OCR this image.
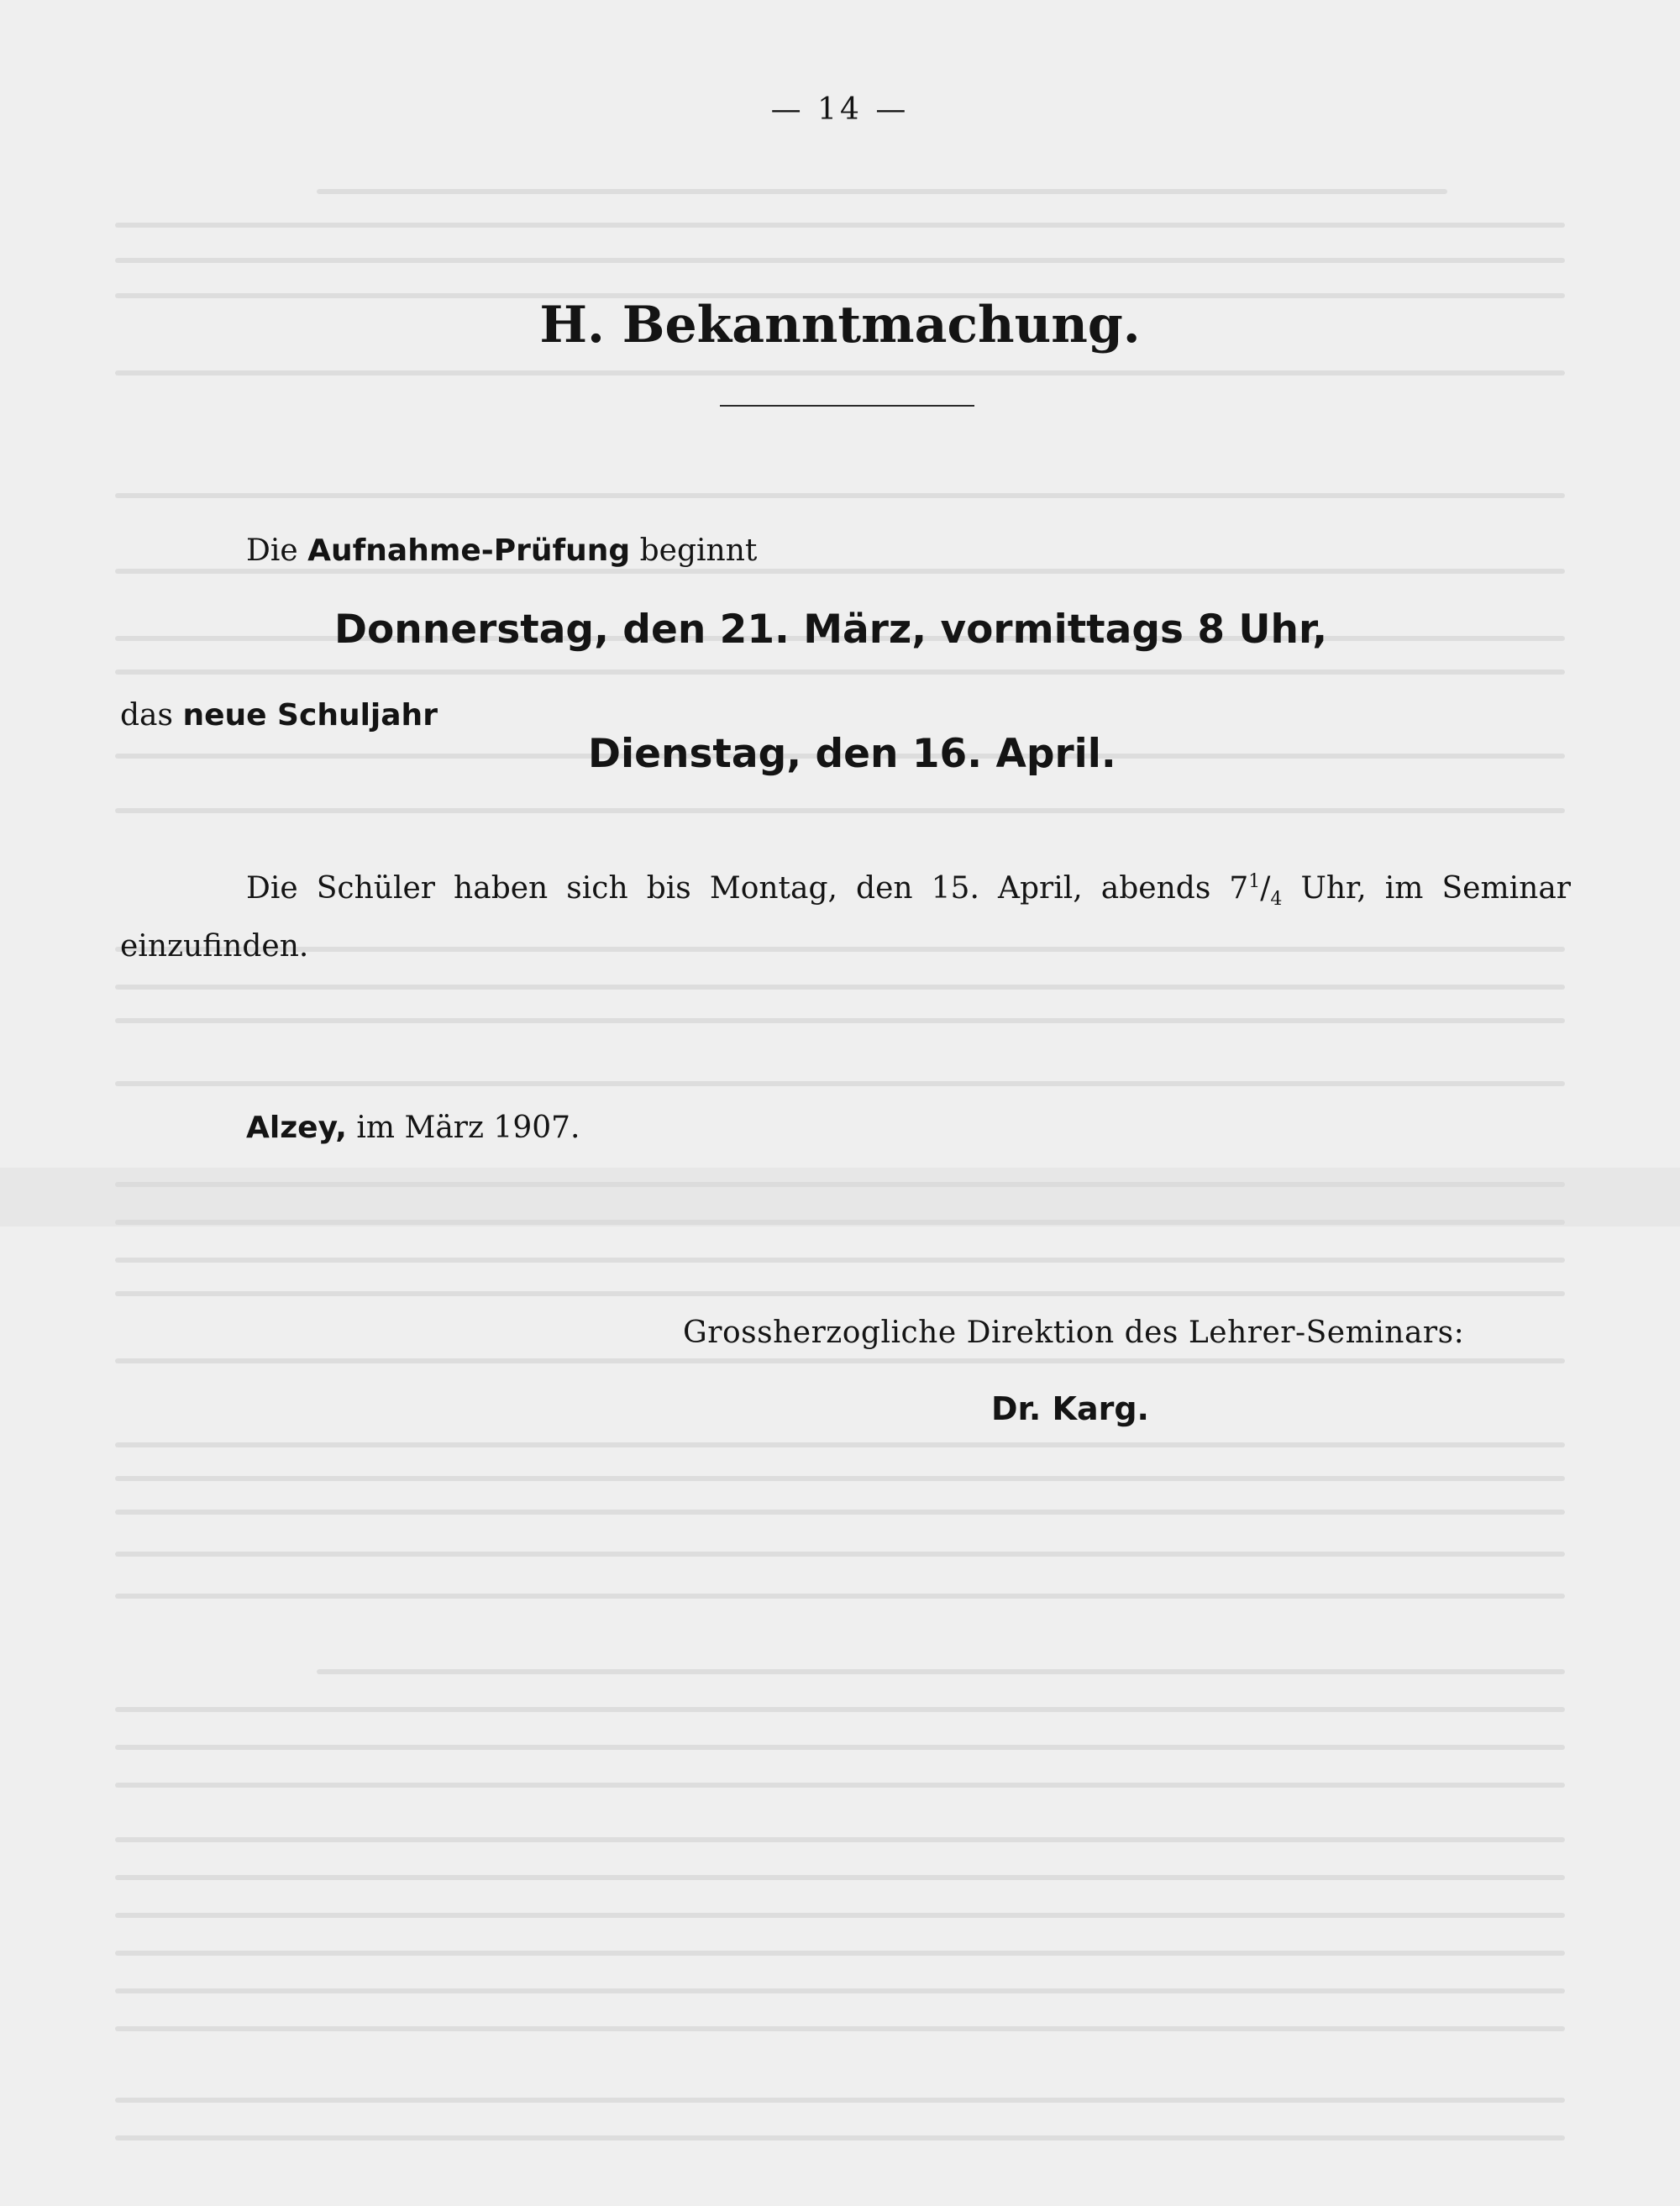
— 14 —
H. Bekanntmachung.
Die Aufnahme-Prüfung beginnt
Donnerstag, den 21. März, vormittags 8 Uhr,
das neue Schuljahr
Dienstag, den 16. April.
Die Schüler haben sich bis Montag, den 15. April, abends $7^1/_4$ Uhr, im Seminar einzufinden.
Alzey, im März 1907.
Grossherzogliche Direktion des Lehrer-Seminars:
Dr. Karg.
